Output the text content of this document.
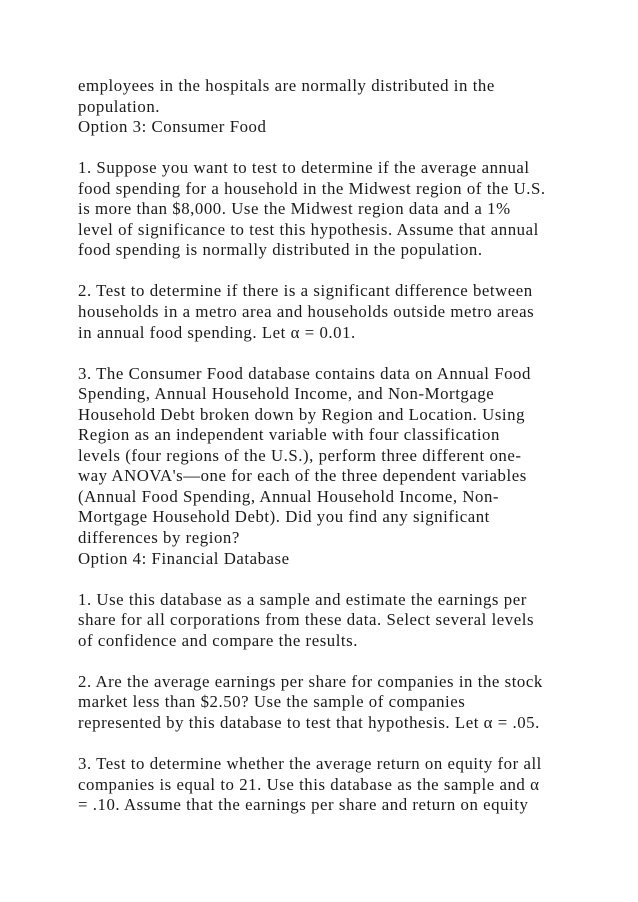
employees in the hospitals are normally distributed in the
population.
Option 3: Consumer Food
1. Suppose you want to test to determine if the average annual
food spending for a household in the Midwest region of the U.S.
is more than $8,000. Use the Midwest region data and a 1%
level of significance to test this hypothesis. Assume that annual
food spending is normally distributed in the population.
2. Test to determine if there is a significant difference between
households in a metro area and households outside metro areas
in annual food spending. Let α = 0.01.
3. The Consumer Food database contains data on Annual Food
Spending, Annual Household Income, and Non-Mortgage
Household Debt broken down by Region and Location. Using
Region as an independent variable with four classification
levels (four regions of the U.S.), perform three different one-
way ANOVA's—one for each of the three dependent variables
(Annual Food Spending, Annual Household Income, Non-
Mortgage Household Debt). Did you find any significant
differences by region?
Option 4: Financial Database
1. Use this database as a sample and estimate the earnings per
share for all corporations from these data. Select several levels
of confidence and compare the results.
2. Are the average earnings per share for companies in the stock
market less than $2.50? Use the sample of companies
represented by this database to test that hypothesis. Let α = .05.
3. Test to determine whether the average return on equity for all
companies is equal to 21. Use this database as the sample and α
= .10. Assume that the earnings per share and return on equity
